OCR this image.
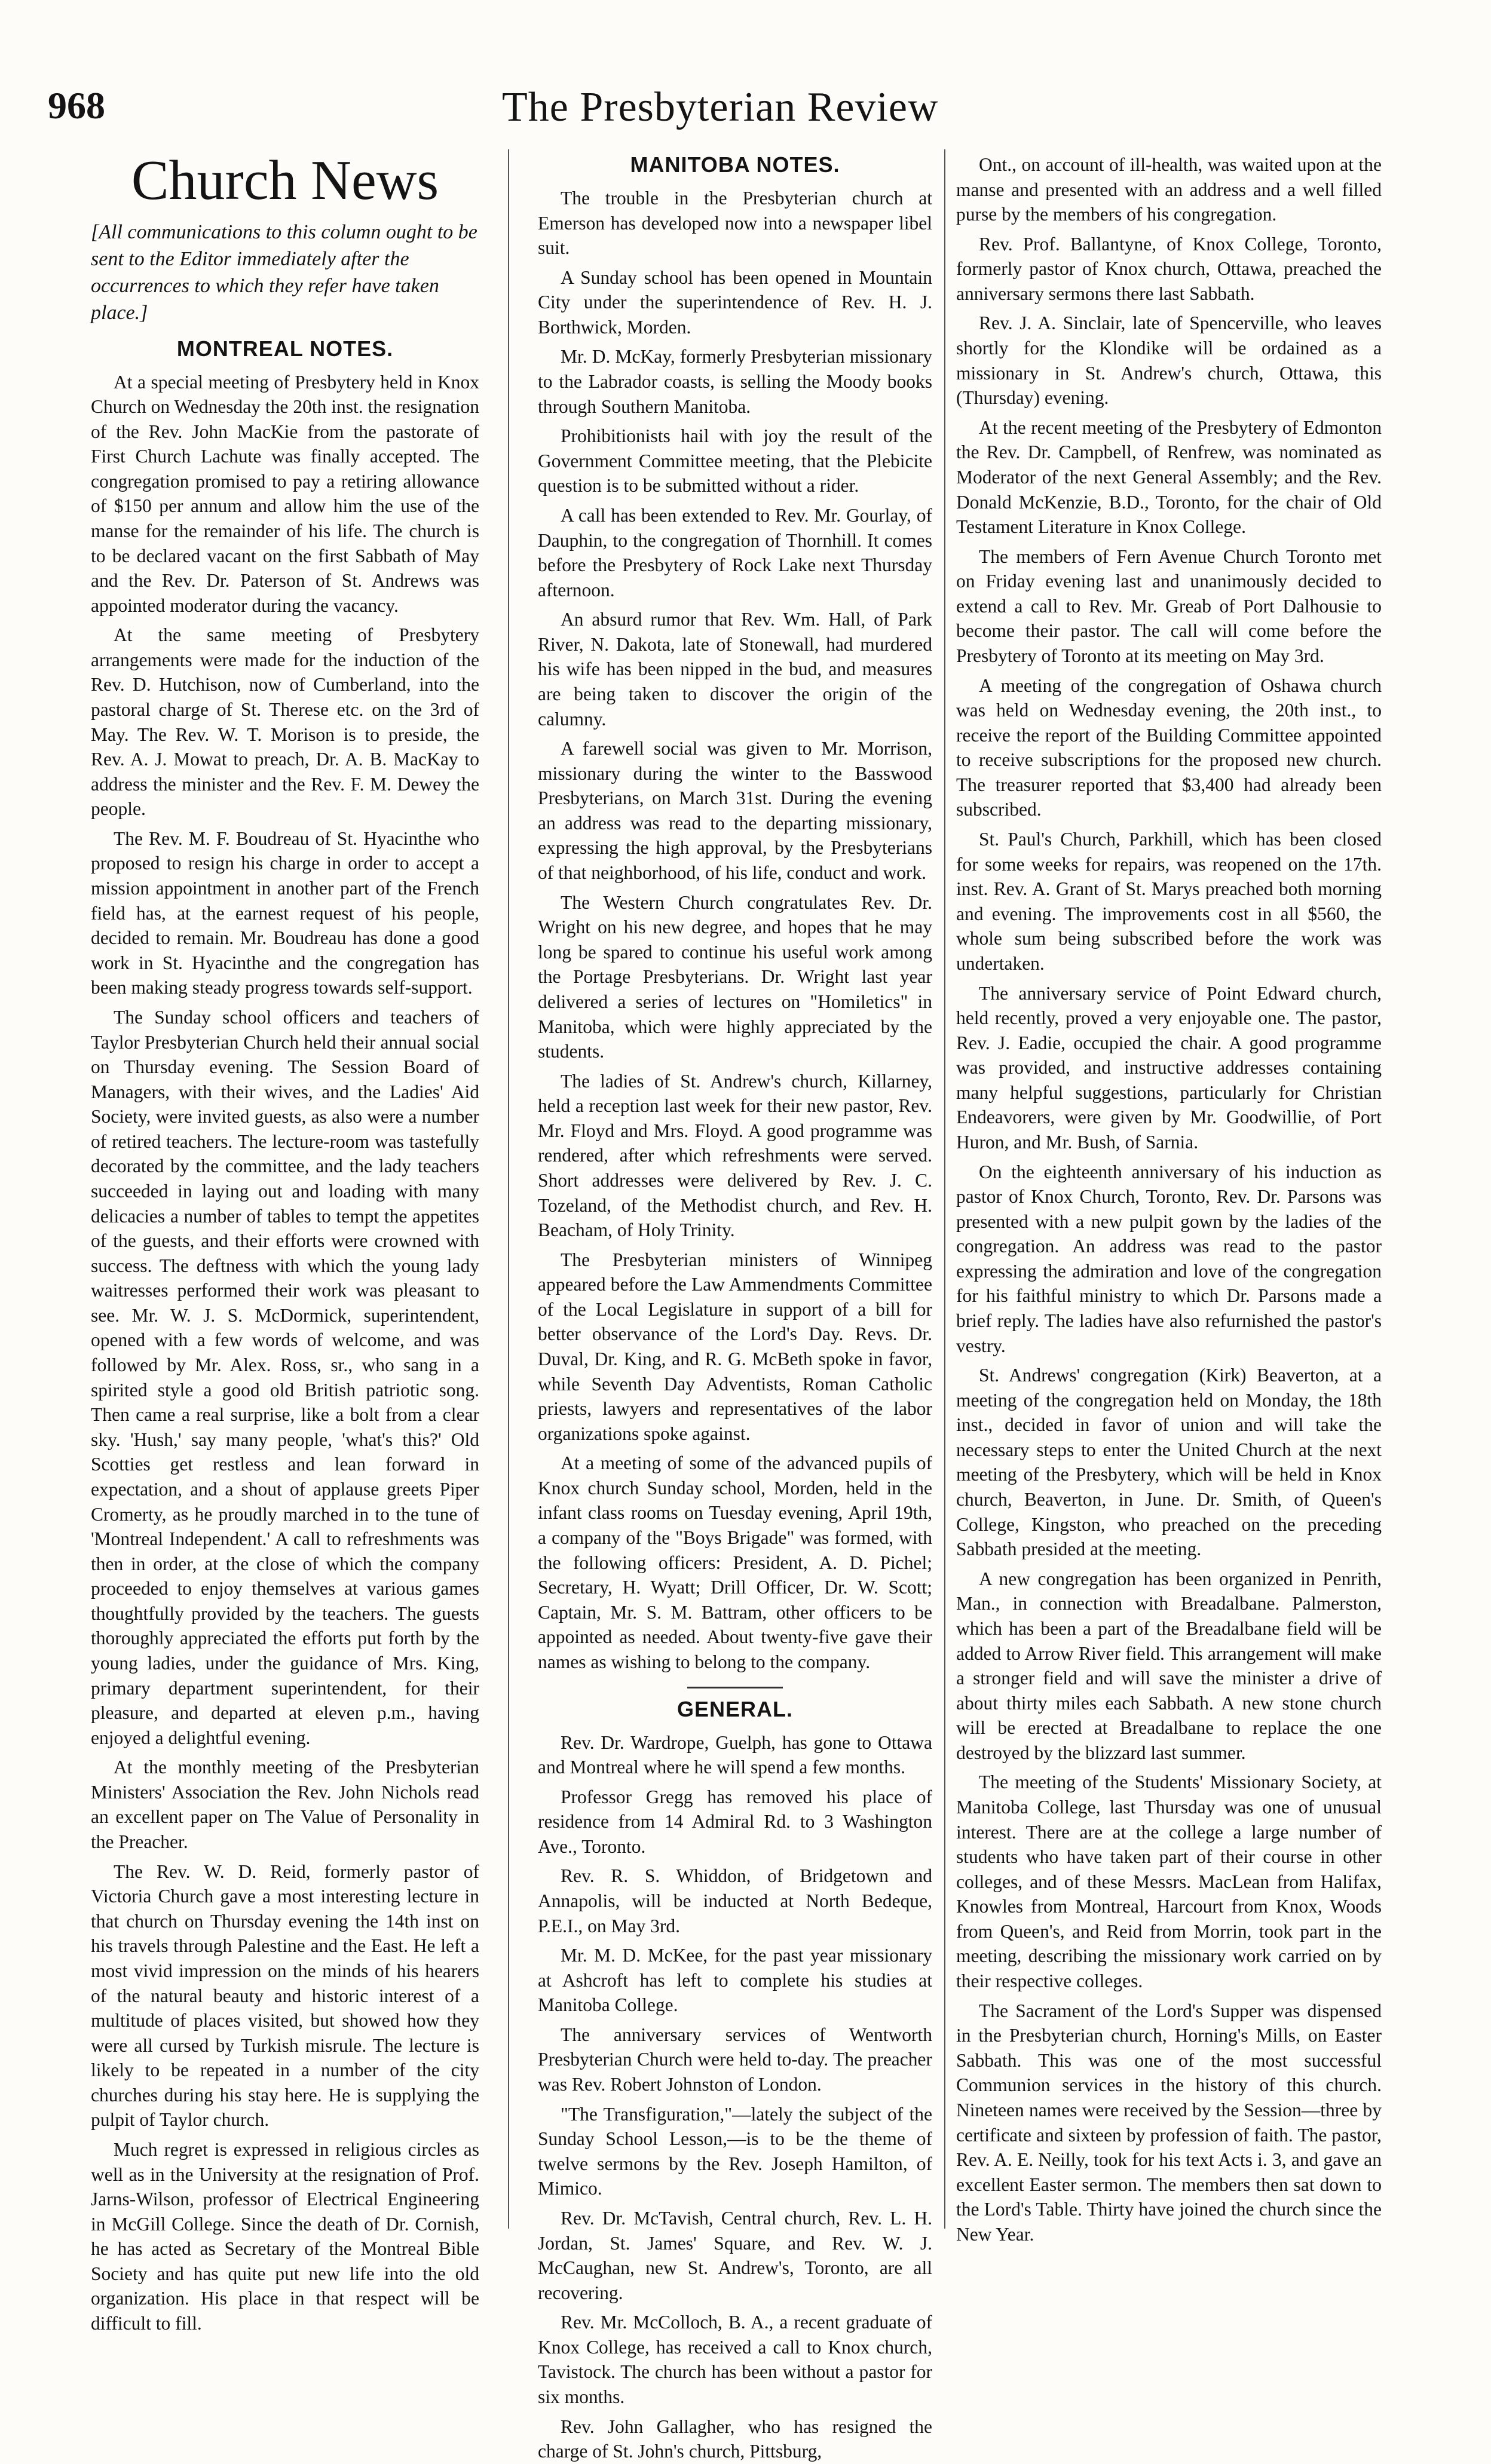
968	The Presbyterian Review
Church News
[All communications to this column ought to be sent to the Editor immediately after the occurrences to which they refer have taken place.]
MONTREAL NOTES.

At a special meeting of Presbytery held in Knox Church on Wednesday the 20th inst. the resignation of the Rev. John MacKie from the pastorate of First Church Lachute was finally accepted. The congregation promised to pay a retiring allowance of $150 per annum and allow him the use of the manse for the remainder of his life. The church is to be declared vacant on the first Sabbath of May and the Rev. Dr. Paterson of St. Andrews was appointed moderator during the vacancy.

At the same meeting of Presbytery arrangements were made for the induction of the Rev. D. Hutchison, now of Cumberland, into the pastoral charge of St. Therese etc. on the 3rd of May. The Rev. W. T. Morison is to preside, the Rev. A. J. Mowat to preach, Dr. A. B. MacKay to address the minister and the Rev. F. M. Dewey the people.

The Rev. M. F. Boudreau of St. Hyacinthe who proposed to resign his charge in order to accept a mission appointment in another part of the French field has, at the earnest request of his people, decided to remain. Mr. Boudreau has done a good work in St. Hyacinthe and the congregation has been making steady progress towards self-support.

The Sunday school officers and teachers of Taylor Presbyterian Church held their annual social on Thursday evening. The Session Board of Managers, with their wives, and the Ladies' Aid Society, were invited guests, as also were a number of retired teachers. The lecture-room was tastefully decorated by the committee, and the lady teachers succeeded in laying out and loading with many delicacies a number of tables to tempt the appetites of the guests, and their efforts were crowned with success. The deftness with which the young lady waitresses performed their work was pleasant to see. Mr. W. J. S. McDormick, superintendent, opened with a few words of welcome, and was followed by Mr. Alex. Ross, sr., who sang in a spirited style a good old British patriotic song. Then came a real surprise, like a bolt from a clear sky. 'Hush,' say many people, 'what's this?' Old Scotties get restless and lean forward in expectation, and a shout of applause greets Piper Cromerty, as he proudly marched in to the tune of 'Montreal Independent.' A call to refreshments was then in order, at the close of which the company proceeded to enjoy themselves at various games thoughtfully provided by the teachers. The guests thoroughly appreciated the efforts put forth by the young ladies, under the guidance of Mrs. King, primary department superintendent, for their pleasure, and departed at eleven p.m., having enjoyed a delightful evening.

At the monthly meeting of the Presbyterian Ministers' Association the Rev. John Nichols read an excellent paper on The Value of Personality in the Preacher.

The Rev. W. D. Reid, formerly pastor of Victoria Church gave a most interesting lecture in that church on Thursday evening the 14th inst on his travels through Palestine and the East. He left a most vivid impression on the minds of his hearers of the natural beauty and historic interest of a multitude of places visited, but showed how they were all cursed by Turkish misrule. The lecture is likely to be repeated in a number of the city churches during his stay here. He is supplying the pulpit of Taylor church.

Much regret is expressed in religious circles as well as in the University at the resignation of Prof. Jarns-Wilson, professor of Electrical Engineering in McGill College. Since the death of Dr. Cornish, he has acted as Secretary of the Montreal Bible Society and has quite put new life into the old organization. His place in that respect will be difficult to fill.

MANITOBA NOTES.

The trouble in the Presbyterian church at Emerson has developed now into a newspaper libel suit.

A Sunday school has been opened in Mountain City under the superintendence of Rev. H. J. Borthwick, Morden.

Mr. D. McKay, formerly Presbyterian missionary to the Labrador coasts, is selling the Moody books through Southern Manitoba.

Prohibitionists hail with joy the result of the Government Committee meeting, that the Plebicite question is to be submitted without a rider.

A call has been extended to Rev. Mr. Gourlay, of Dauphin, to the congregation of Thornhill. It comes before the Presbytery of Rock Lake next Thursday afternoon.

An absurd rumor that Rev. Wm. Hall, of Park River, N. Dakota, late of Stonewall, had murdered his wife has been nipped in the bud, and measures are being taken to discover the origin of the calumny.

A farewell social was given to Mr. Morrison, missionary during the winter to the Basswood Presbyterians, on March 31st. During the evening an address was read to the departing missionary, expressing the high approval, by the Presbyterians of that neighborhood, of his life, conduct and work.

The Western Church congratulates Rev. Dr. Wright on his new degree, and hopes that he may long be spared to continue his useful work among the Portage Presbyterians. Dr. Wright last year delivered a series of lectures on "Homiletics" in Manitoba, which were highly appreciated by the students.

The ladies of St. Andrew's church, Killarney, held a reception last week for their new pastor, Rev. Mr. Floyd and Mrs. Floyd. A good programme was rendered, after which refreshments were served. Short addresses were delivered by Rev. J. C. Tozeland, of the Methodist church, and Rev. H. Beacham, of Holy Trinity.

The Presbyterian ministers of Winnipeg appeared before the Law Ammendments Committee of the Local Legislature in support of a bill for better observance of the Lord's Day. Revs. Dr. Duval, Dr. King, and R. G. McBeth spoke in favor, while Seventh Day Adventists, Roman Catholic priests, lawyers and representatives of the labor organizations spoke against.

At a meeting of some of the advanced pupils of Knox church Sunday school, Morden, held in the infant class rooms on Tuesday evening, April 19th, a company of the "Boys Brigade" was formed, with the following officers: President, A. D. Pichel; Secretary, H. Wyatt; Drill Officer, Dr. W. Scott; Captain, Mr. S. M. Battram, other officers to be appointed as needed. About twenty-five gave their names as wishing to belong to the company.

GENERAL.

Rev. Dr. Wardrope, Guelph, has gone to Ottawa and Montreal where he will spend a few months.

Professor Gregg has removed his place of residence from 14 Admiral Rd. to 3 Washington Ave., Toronto.

Rev. R. S. Whiddon, of Bridgetown and Annapolis, will be inducted at North Bedeque, P.E.I., on May 3rd.

Mr. M. D. McKee, for the past year missionary at Ashcroft has left to complete his studies at Manitoba College.

The anniversary services of Wentworth Presbyterian Church were held to-day. The preacher was Rev. Robert Johnston of London.

"The Transfiguration,"—lately the subject of the Sunday School Lesson,—is to be the theme of twelve sermons by the Rev. Joseph Hamilton, of Mimico.

Rev. Dr. McTavish, Central church, Rev. L. H. Jordan, St. James' Square, and Rev. W. J. McCaughan, new St. Andrew's, Toronto, are all recovering.

Rev. Mr. McColloch, B. A., a recent graduate of Knox College, has received a call to Knox church, Tavistock. The church has been without a pastor for six months.

Rev. John Gallagher, who has resigned the charge of St. John's church, Pittsburg,

Ont., on account of ill-health, was waited upon at the manse and presented with an address and a well filled purse by the members of his congregation.

Rev. Prof. Ballantyne, of Knox College, Toronto, formerly pastor of Knox church, Ottawa, preached the anniversary sermons there last Sabbath.

Rev. J. A. Sinclair, late of Spencerville, who leaves shortly for the Klondike will be ordained as a missionary in St. Andrew's church, Ottawa, this (Thursday) evening.

At the recent meeting of the Presbytery of Edmonton the Rev. Dr. Campbell, of Renfrew, was nominated as Moderator of the next General Assembly; and the Rev. Donald McKenzie, B.D., Toronto, for the chair of Old Testament Literature in Knox College.

The members of Fern Avenue Church Toronto met on Friday evening last and unanimously decided to extend a call to Rev. Mr. Greab of Port Dalhousie to become their pastor. The call will come before the Presbytery of Toronto at its meeting on May 3rd.

A meeting of the congregation of Oshawa church was held on Wednesday evening, the 20th inst., to receive the report of the Building Committee appointed to receive subscriptions for the proposed new church. The treasurer reported that $3,400 had already been subscribed.

St. Paul's Church, Parkhill, which has been closed for some weeks for repairs, was reopened on the 17th. inst. Rev. A. Grant of St. Marys preached both morning and evening. The improvements cost in all $560, the whole sum being subscribed before the work was undertaken.

The anniversary service of Point Edward church, held recently, proved a very enjoyable one. The pastor, Rev. J. Eadie, occupied the chair. A good programme was provided, and instructive addresses containing many helpful suggestions, particularly for Christian Endeavorers, were given by Mr. Goodwillie, of Port Huron, and Mr. Bush, of Sarnia.

On the eighteenth anniversary of his induction as pastor of Knox Church, Toronto, Rev. Dr. Parsons was presented with a new pulpit gown by the ladies of the congregation. An address was read to the pastor expressing the admiration and love of the congregation for his faithful ministry to which Dr. Parsons made a brief reply. The ladies have also refurnished the pastor's vestry.

St. Andrews' congregation (Kirk) Beaverton, at a meeting of the congregation held on Monday, the 18th inst., decided in favor of union and will take the necessary steps to enter the United Church at the next meeting of the Presbytery, which will be held in Knox church, Beaverton, in June. Dr. Smith, of Queen's College, Kingston, who preached on the preceding Sabbath presided at the meeting.

A new congregation has been organized in Penrith, Man., in connection with Breadalbane. Palmerston, which has been a part of the Breadalbane field will be added to Arrow River field. This arrangement will make a stronger field and will save the minister a drive of about thirty miles each Sabbath. A new stone church will be erected at Breadalbane to replace the one destroyed by the blizzard last summer.

The meeting of the Students' Missionary Society, at Manitoba College, last Thursday was one of unusual interest. There are at the college a large number of students who have taken part of their course in other colleges, and of these Messrs. MacLean from Halifax, Knowles from Montreal, Harcourt from Knox, Woods from Queen's, and Reid from Morrin, took part in the meeting, describing the missionary work carried on by their respective colleges.

The Sacrament of the Lord's Supper was dispensed in the Presbyterian church, Horning's Mills, on Easter Sabbath. This was one of the most successful Communion services in the history of this church. Nineteen names were received by the Session—three by certificate and sixteen by profession of faith. The pastor, Rev. A. E. Neilly, took for his text Acts i. 3, and gave an excellent Easter sermon. The members then sat down to the Lord's Table. Thirty have joined the church since the New Year.
